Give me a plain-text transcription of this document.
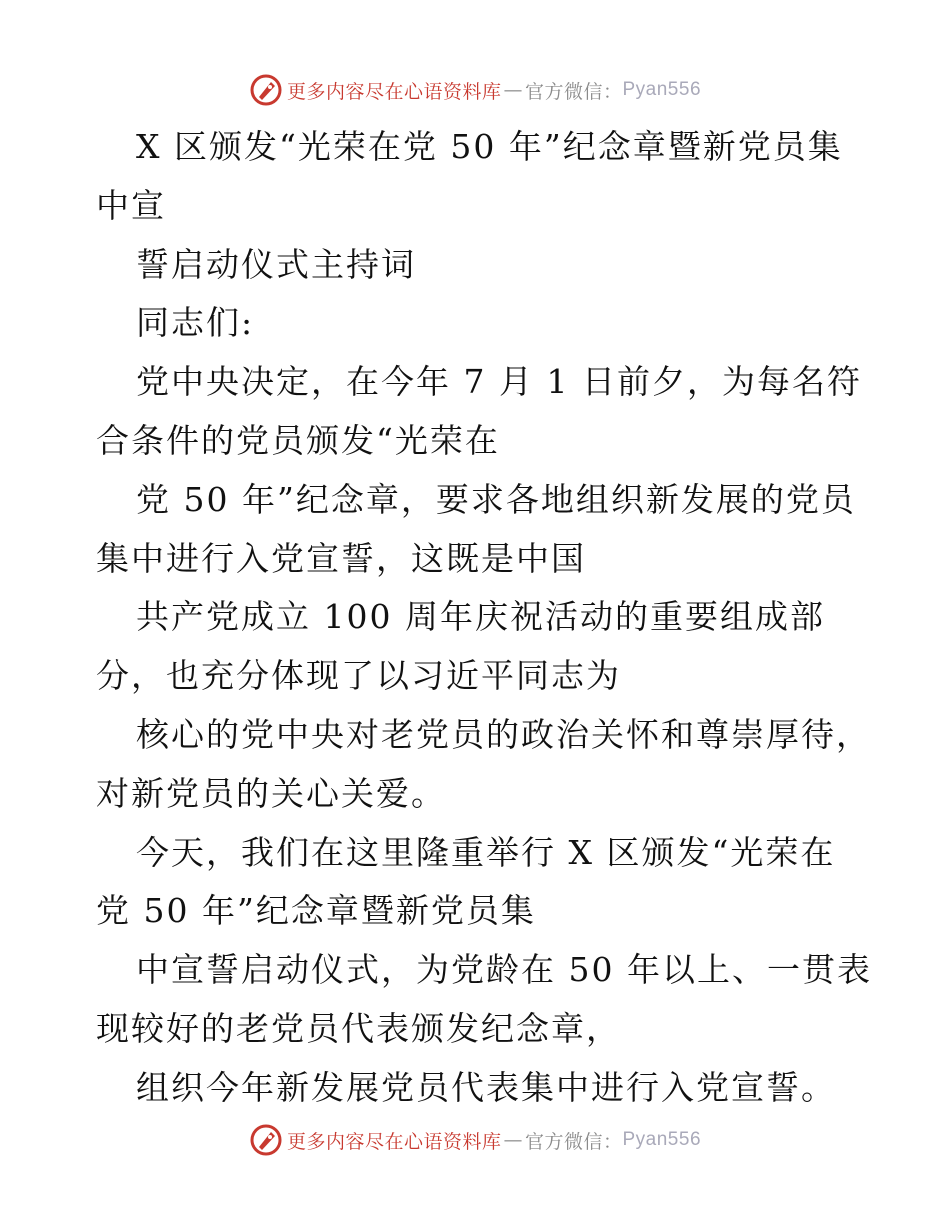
更多内容尽在心语资料库 — 官方微信： Pyan556
X 区颁发“光荣在党 50 年”纪念章暨新党员集
中宣
誓启动仪式主持词
同志们:
党中央决定，在今年 7 月 1 日前夕，为每名符
合条件的党员颁发“光荣在
党 50 年”纪念章，要求各地组织新发展的党员
集中进行入党宣誓，这既是中国
共产党成立 100 周年庆祝活动的重要组成部
分，也充分体现了以习近平同志为
核心的党中央对老党员的政治关怀和尊崇厚待，
对新党员的关心关爱。
今天，我们在这里隆重举行 X 区颁发“光荣在
党 50 年”纪念章暨新党员集
中宣誓启动仪式，为党龄在 50 年以上、一贯表
现较好的老党员代表颁发纪念章，
组织今年新发展党员代表集中进行入党宣誓。
更多内容尽在心语资料库 — 官方微信： Pyan556
